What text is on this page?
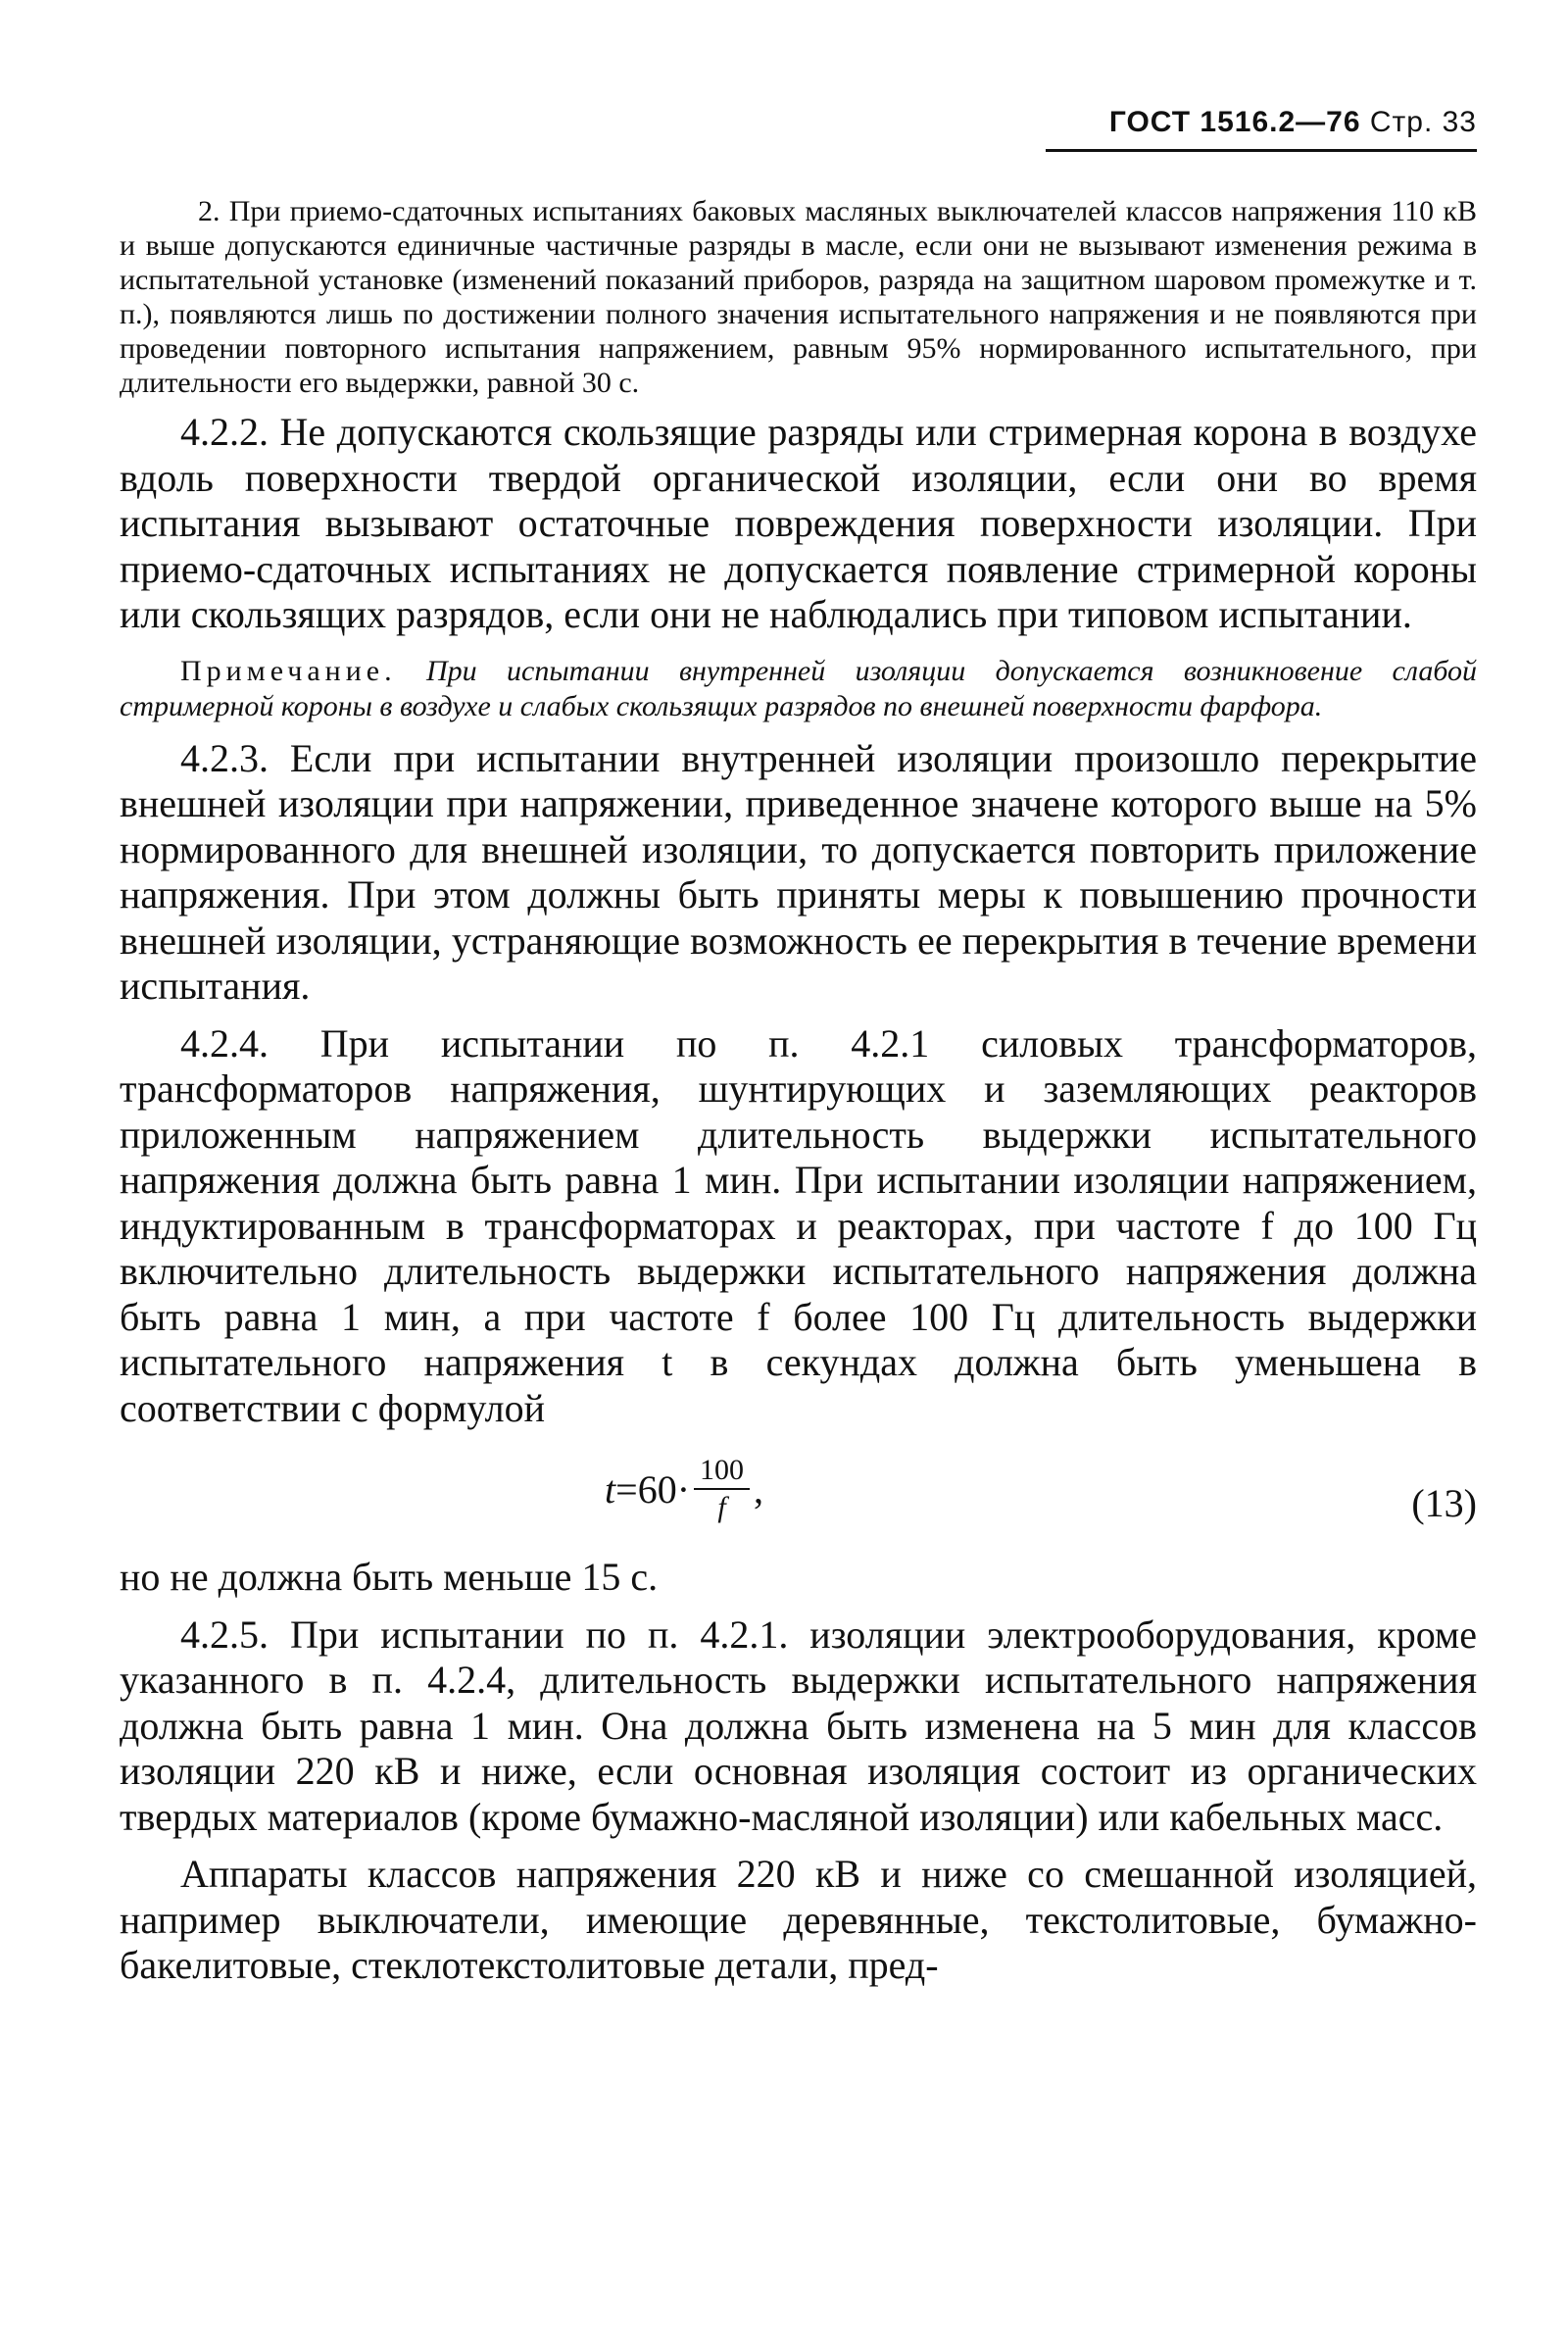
ГОСТ 1516.2—76 Стр. 33

2. При приемо-сдаточных испытаниях баковых масляных выключателей классов напряжения 110 кВ и выше допускаются единичные частичные разряды в масле, если они не вызывают изменения режима в испытательной установке (изменений показаний приборов, разряда на защитном шаровом промежутке и т. п.), появляются лишь по достижении полного значения испытательного напряжения и не появляются при проведении повторного испытания напряжением, равным 95% нормированного испытательного, при длительности его выдержки, равной 30 с.

4.2.2. Не допускаются скользящие разряды или стримерная корона в воздухе вдоль поверхности твердой органической изоляции, если они во время испытания вызывают остаточные повреждения поверхности изоляции. При приемо-сдаточных испытаниях не допускается появление стримерной короны или скользящих разрядов, если они не наблюдались при типовом испытании.

Примечание. При испытании внутренней изоляции допускается возникновение слабой стримерной короны в воздухе и слабых скользящих разрядов по внешней поверхности фарфора.

4.2.3. Если при испытании внутренней изоляции произошло перекрытие внешней изоляции при напряжении, приведенное значене которого выше на 5% нормированного для внешней изоляции, то допускается повторить приложение напряжения. При этом должны быть приняты меры к повышению прочности внешней изоляции, устраняющие возможность ее перекрытия в течение времени испытания.

4.2.4. При испытании по п. 4.2.1 силовых трансформаторов, трансформаторов напряжения, шунтирующих и заземляющих реакторов приложенным напряжением длительность выдержки испытательного напряжения должна быть равна 1 мин. При испытании изоляции напряжением, индуктированным в трансформаторах и реакторах, при частоте f до 100 Гц включительно длительность выдержки испытательного напряжения должна быть равна 1 мин, а при частоте f более 100 Гц длительность выдержки испытательного напряжения t в секундах должна быть уменьшена в соответствии с формулой

$t = 60\cdot \frac{100}{f}$ ,	(13)

но не должна быть меньше 15 с.

4.2.5. При испытании по п. 4.2.1. изоляции электрооборудования, кроме указанного в п. 4.2.4, длительность выдержки испытательного напряжения должна быть равна 1 мин. Она должна быть изменена на 5 мин для классов изоляции 220 кВ и ниже, если основная изоляция состоит из органических твердых материалов (кроме бумажно-масляной изоляции) или кабельных масс.

Аппараты классов напряжения 220 кВ и ниже со смешанной изоляцией, например выключатели, имеющие деревянные, текстолитовые, бумажно-бакелитовые, стеклотекстолитовые детали, пред-
